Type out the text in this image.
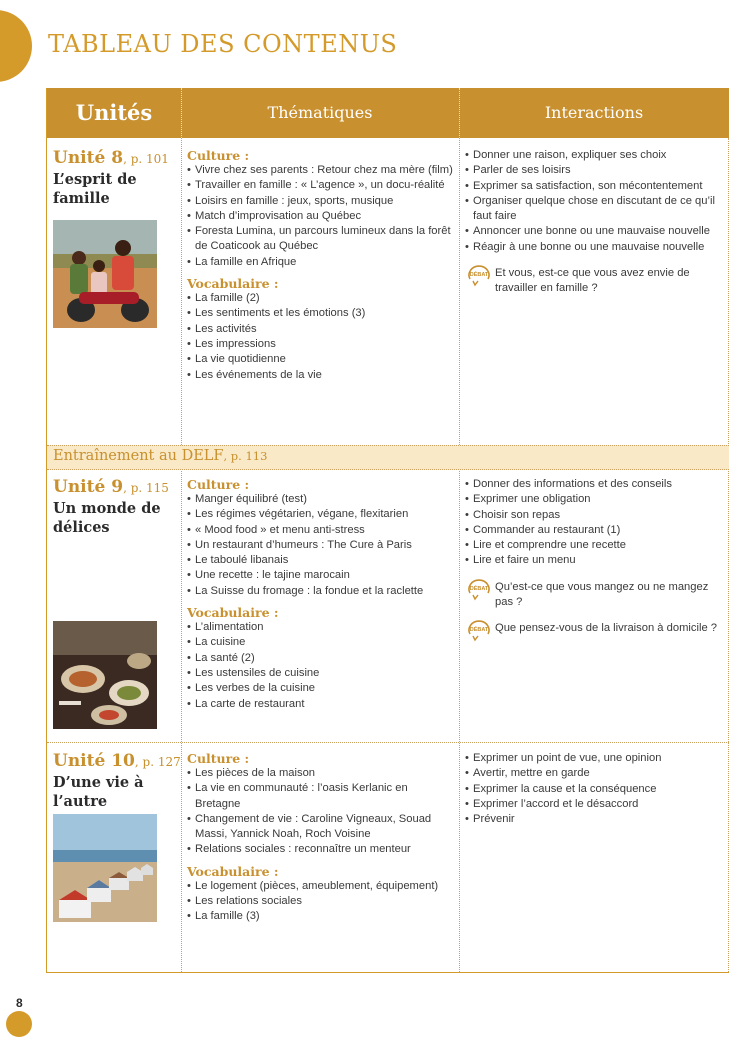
TABLEAU DES CONTENUS
Unités	Thématiques	Interactions
Unité 8, p. 101
L’esprit de famille
Culture :
• Vivre chez ses parents : Retour chez ma mère (film)
• Travailler en famille : « L’agence », un docu-réalité
• Loisirs en famille : jeux, sports, musique
• Match d’improvisation au Québec
• Foresta Lumina, un parcours lumineux dans la forêt de Coaticook au Québec
• La famille en Afrique
Vocabulaire :
• La famille (2)
• Les sentiments et les émotions (3)
• Les activités
• Les impressions
• La vie quotidienne
• Les événements de la vie
• Donner une raison, expliquer ses choix
• Parler de ses loisirs
• Exprimer sa satisfaction, son mécontentement
• Organiser quelque chose en discutant de ce qu’il faut faire
• Annoncer une bonne ou une mauvaise nouvelle
• Réagir à une bonne ou une mauvaise nouvelle
DÉBAT Et vous, est-ce que vous avez envie de travailler en famille ?
Entraînement au DELF, p. 113
Unité 9, p. 115
Un monde de délices
Culture :
• Manger équilibré (test)
• Les régimes végétarien, végane, flexitarien
• « Mood food » et menu anti-stress
• Un restaurant d’humeurs : The Cure à Paris
• Le taboulé libanais
• Une recette : le tajine marocain
• La Suisse du fromage : la fondue et la raclette
Vocabulaire :
• L’alimentation
• La cuisine
• La santé (2)
• Les ustensiles de cuisine
• Les verbes de la cuisine
• La carte de restaurant
• Donner des informations et des conseils
• Exprimer une obligation
• Choisir son repas
• Commander au restaurant (1)
• Lire et comprendre une recette
• Lire et faire un menu
DÉBAT Qu’est-ce que vous mangez ou ne mangez pas ?
DÉBAT Que pensez-vous de la livraison à domicile ?
Unité 10, p. 127
D’une vie à l’autre
Culture :
• Les pièces de la maison
• La vie en communauté : l’oasis Kerlanic en Bretagne
• Changement de vie : Caroline Vigneaux, Souad Massi, Yannick Noah, Roch Voisine
• Relations sociales : reconnaître un menteur
Vocabulaire :
• Le logement (pièces, ameublement, équipement)
• Les relations sociales
• La famille (3)
• Exprimer un point de vue, une opinion
• Avertir, mettre en garde
• Exprimer la cause et la conséquence
• Exprimer l’accord et le désaccord
• Prévenir
8
